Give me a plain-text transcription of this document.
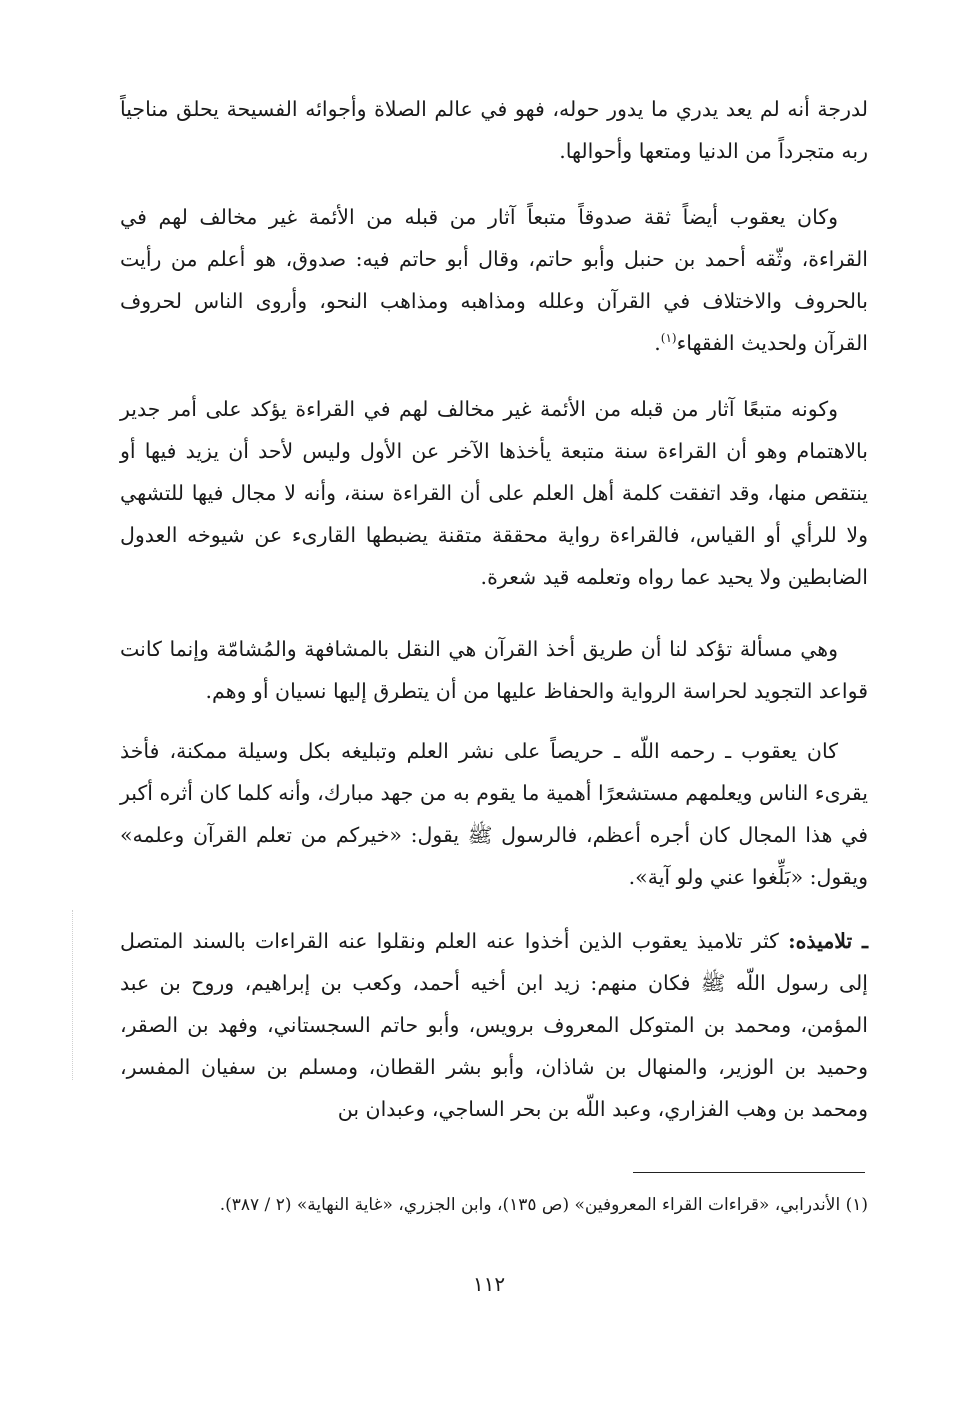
لدرجة أنه لم يعد يدري ما يدور حوله، فهو في عالم الصلاة وأجوائه الفسيحة يحلق مناجياً ربه متجرداً من الدنيا ومتعها وأحوالها.

وكان يعقوب أيضاً ثقة صدوقاً متبعاً آثار من قبله من الأئمة غير مخالف لهم في القراءة، وثّقه أحمد بن حنبل وأبو حاتم، وقال أبو حاتم فيه: صدوق، هو أعلم من رأيت بالحروف والاختلاف في القرآن وعلله ومذاهبه ومذاهب النحو، وأروى الناس لحروف القرآن ولحديث الفقهاء$^{(١)}$.

وكونه متبعًا آثار من قبله من الأئمة غير مخالف لهم في القراءة يؤكد على أمر جدير بالاهتمام وهو أن القراءة سنة متبعة يأخذها الآخر عن الأول وليس لأحد أن يزيد فيها أو ينتقص منها، وقد اتفقت كلمة أهل العلم على أن القراءة سنة، وأنه لا مجال فيها للتشهي ولا للرأي أو القياس، فالقراءة رواية محققة متقنة يضبطها القارىء عن شيوخه العدول الضابطين ولا يحيد عما رواه وتعلمه قيد شعرة.

وهي مسألة تؤكد لنا أن طريق أخذ القرآن هي النقل بالمشافهة والمُشامّة وإنما كانت قواعد التجويد لحراسة الرواية والحفاظ عليها من أن يتطرق إليها نسيان أو وهم.

كان يعقوب ـ رحمه اللّه ـ حريصاً على نشر العلم وتبليغه بكل وسيلة ممكنة، فأخذ يقرىء الناس ويعلمهم مستشعرًا أهمية ما يقوم به من جهد مبارك، وأنه كلما كان أثره أكبر في هذا المجال كان أجره أعظم، فالرسول ﷺ يقول: «خيركم من تعلم القرآن وعلمه» ويقول: «بَلِّغوا عني ولو آية».

ـ تلاميذه: كثر تلاميذ يعقوب الذين أخذوا عنه العلم ونقلوا عنه القراءات بالسند المتصل إلى رسول اللّه ﷺ فكان منهم: زيد ابن أخيه أحمد، وكعب بن إبراهيم، وروح بن عبد المؤمن، ومحمد بن المتوكل المعروف برويس، وأبو حاتم السجستاني، وفهد بن الصقر، وحميد بن الوزير، والمنهال بن شاذان، وأبو بشر القطان، ومسلم بن سفيان المفسر، ومحمد بن وهب الفزاري، وعبد اللّه بن بحر الساجي، وعبدان بن

(١) الأندرابي، «قراءات القراء المعروفين» (ص ١٣٥)، وابن الجزري، «غاية النهاية» (٢ / ٣٨٧).
١١٢
